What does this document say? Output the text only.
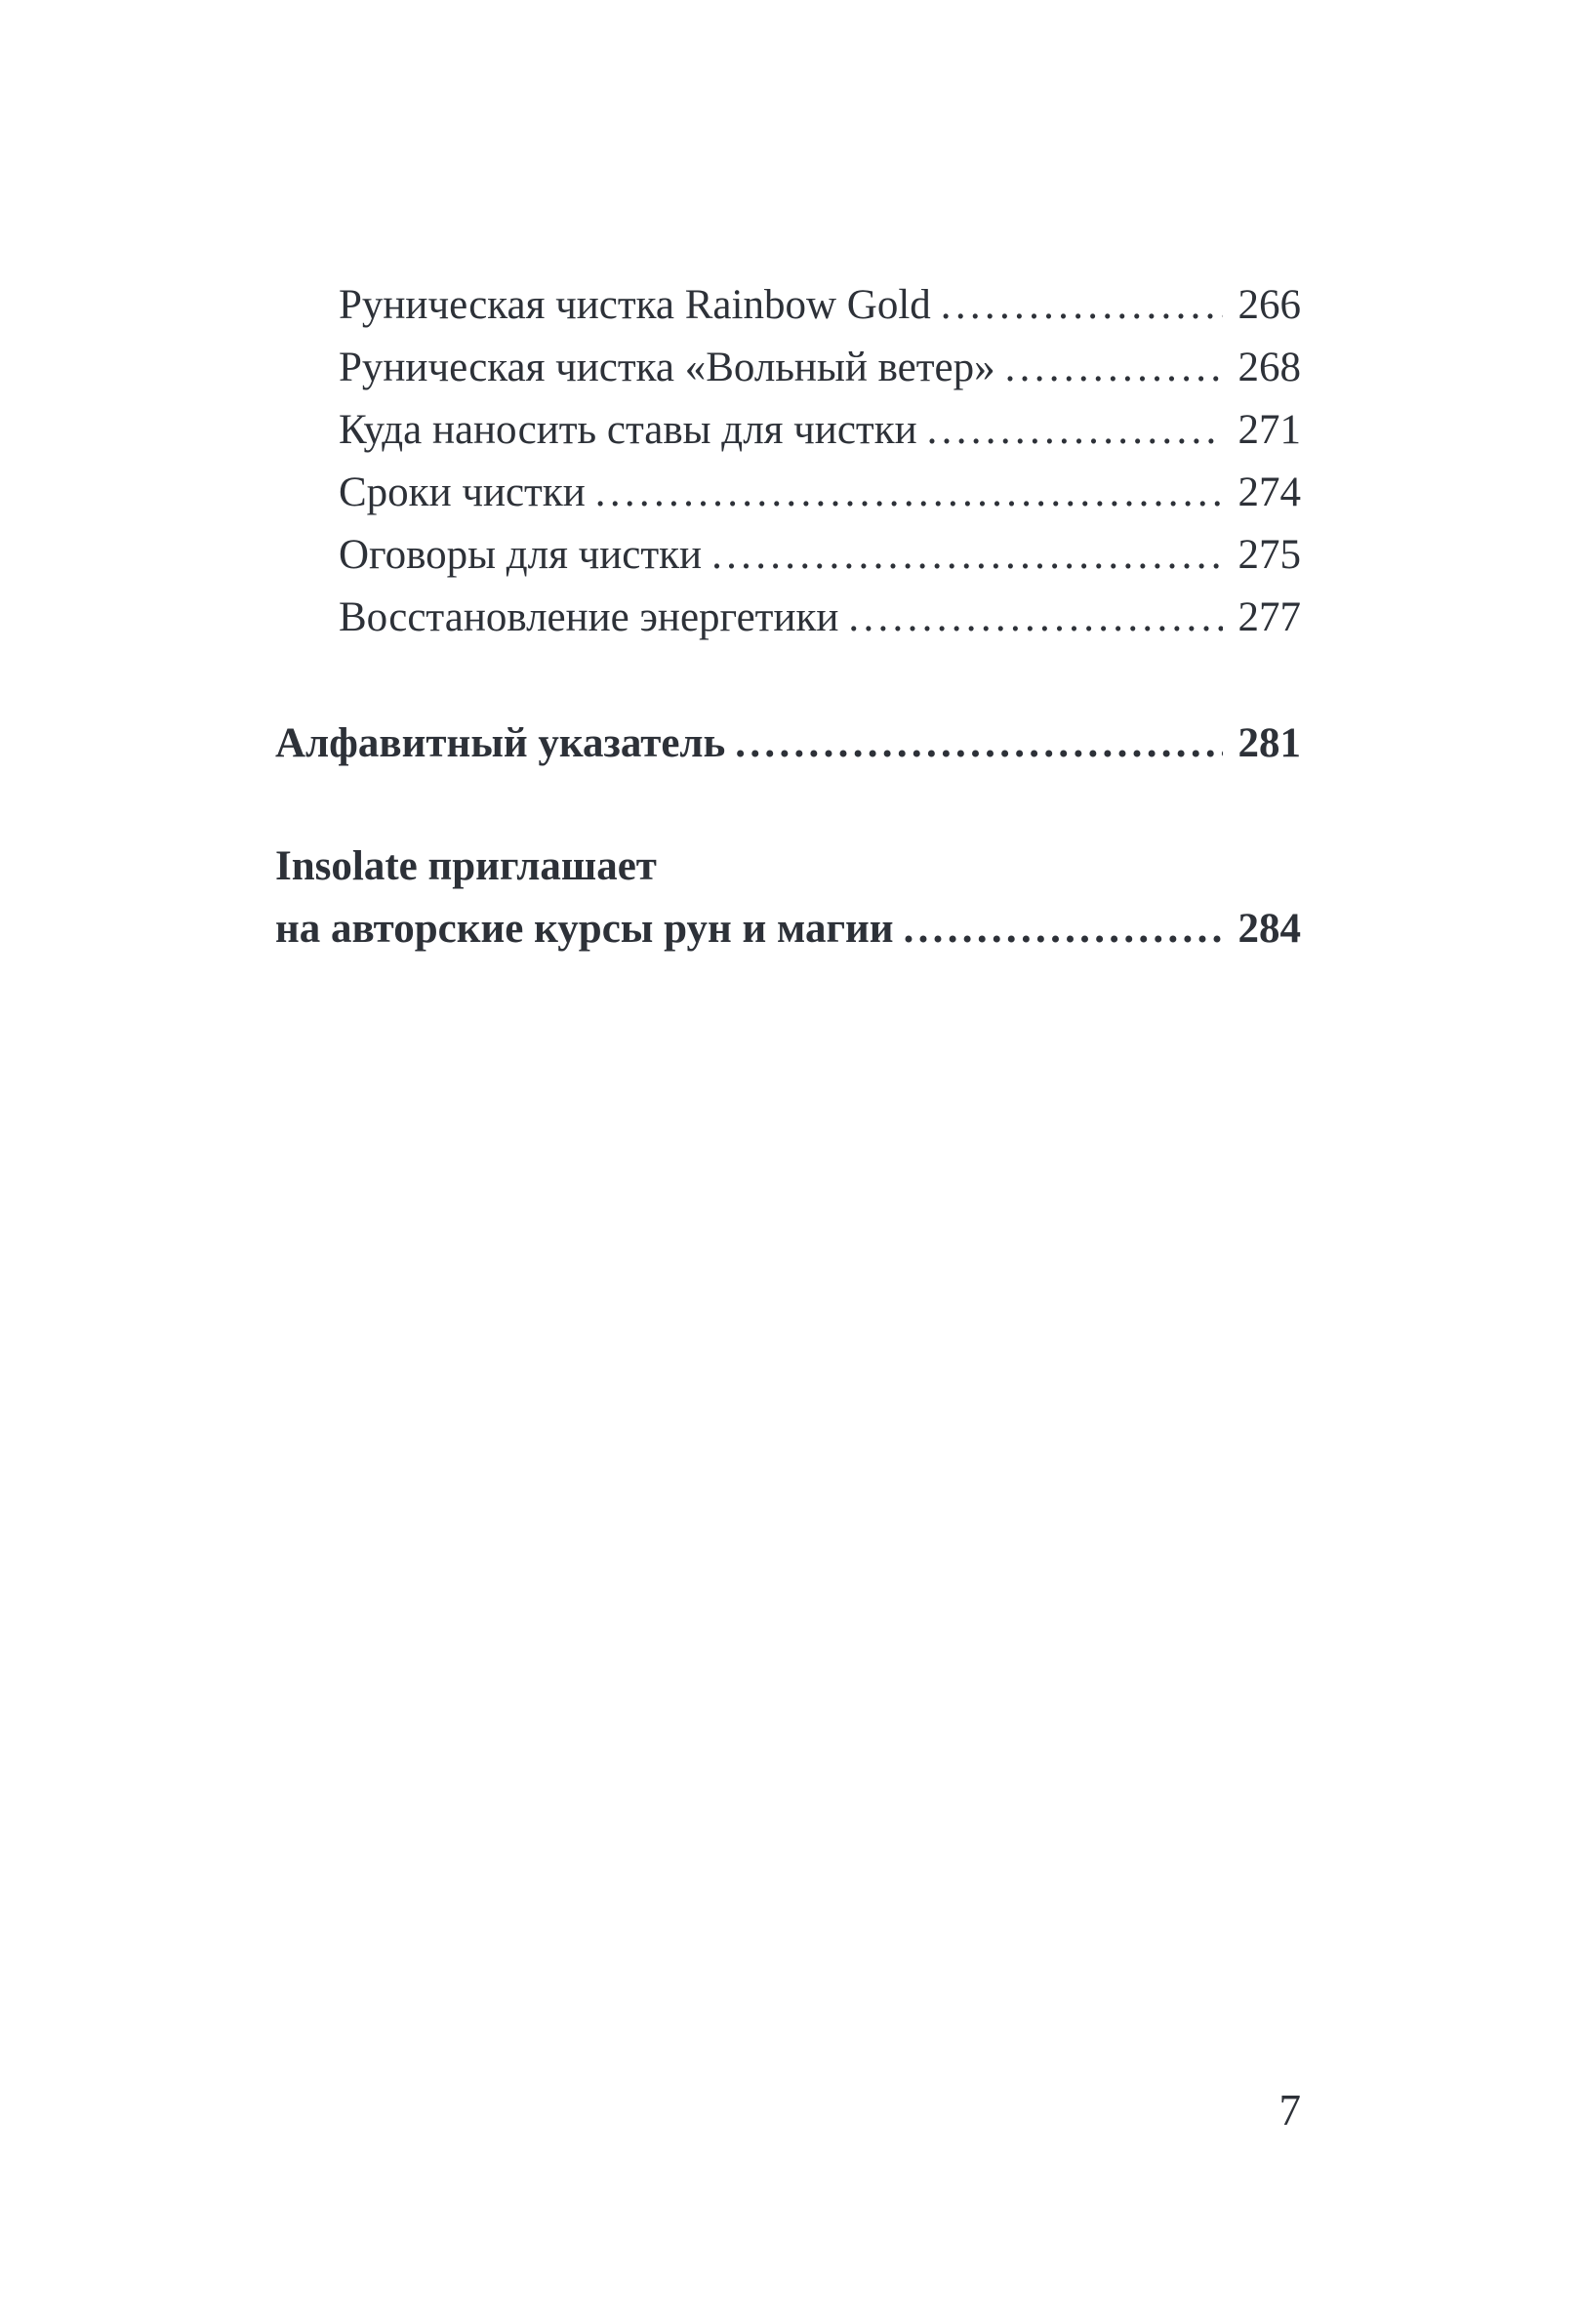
Руническая чистка Rainbow Gold .....	266
Руническая чистка «Вольный ветер» .....	268
Куда наносить ставы для чистки .....	271
Сроки чистки .....	274
Оговоры для чистки .....	275
Восстановление энергетики .....	277
Алфавитный указатель .....	281
Insolate приглашает
на авторские курсы рун и магии .....	284
7
